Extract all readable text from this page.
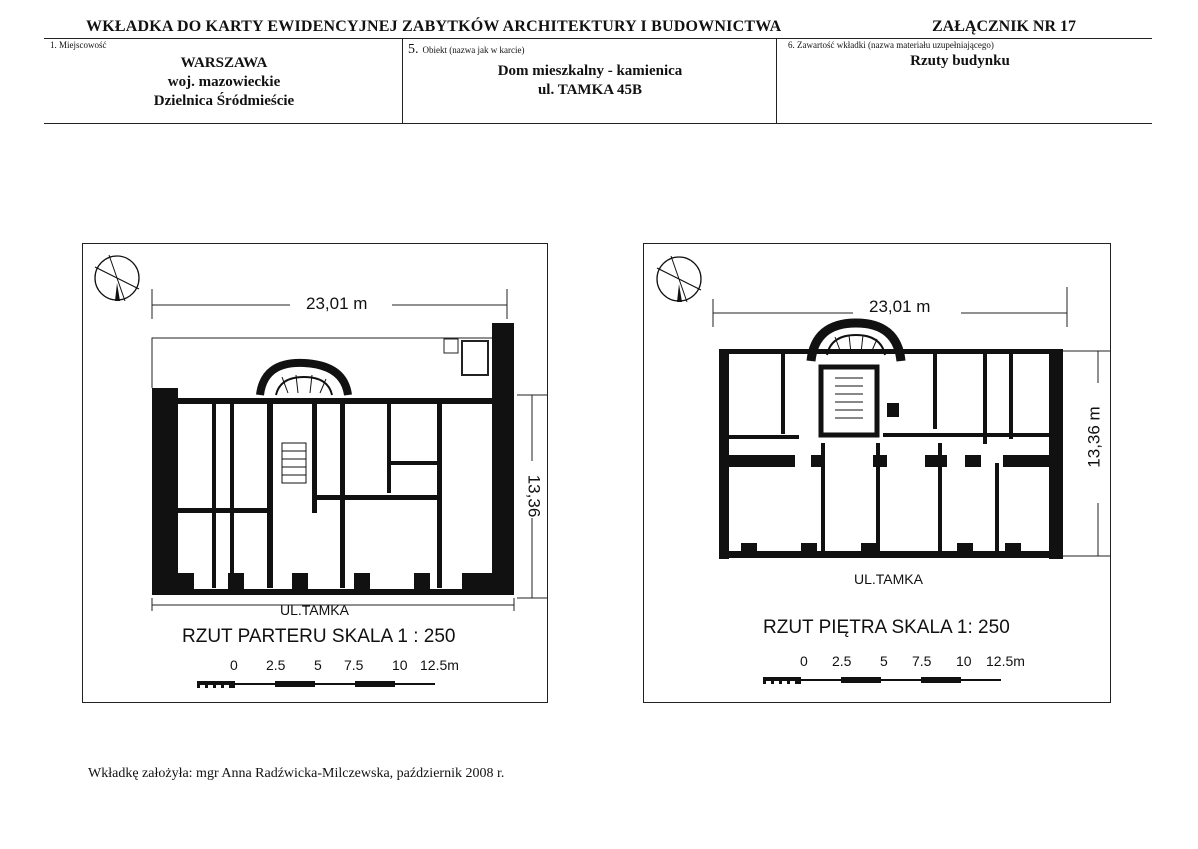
WKŁADKA DO KARTY EWIDENCYJNEJ ZABYTKÓW ARCHITEKTURY I BUDOWNICTWA	ZAŁĄCZNIK NR 17
1. Miejscowość
WARSZAWA
woj. mazowieckie
Dzielnica Śródmieście
5. Obiekt (nazwa jak w karcie)
Dom mieszkalny - kamienica
ul. TAMKA 45B
6. Zawartość wkładki (nazwa materiału uzupełniającego)
Rzuty budynku
23,01 m
13,36
UL.TAMKA
RZUT PARTERU SKALA 1 : 250
0 2.5 5 7.5 10 12.5m
23,01 m
13,36 m
UL.TAMKA
RZUT PIĘTRA SKALA 1: 250
0 2.5 5 7.5 10 12.5m
Wkładkę założyła: mgr Anna Radźwicka-Milczewska, październik 2008 r.
